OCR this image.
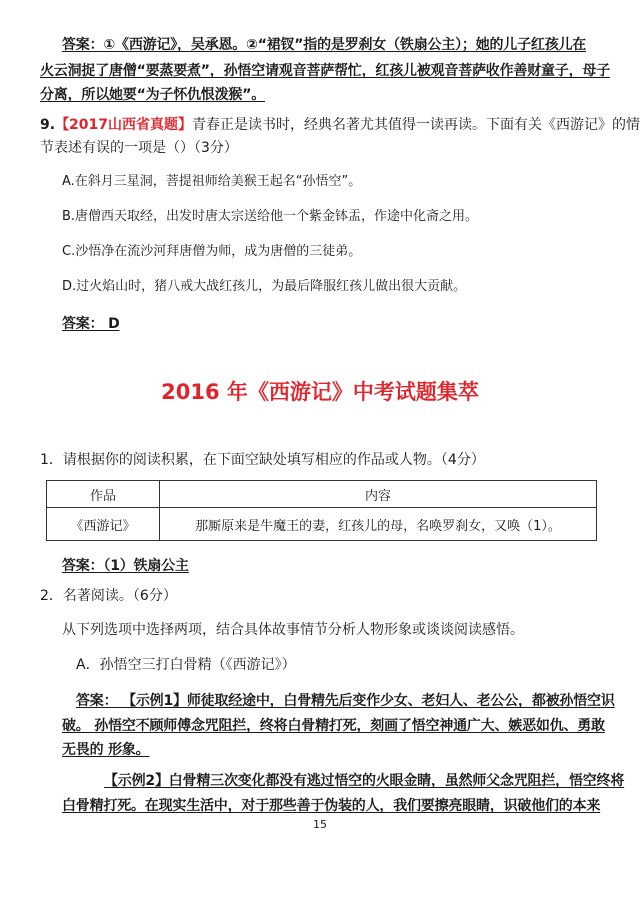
答案：①《西游记》，吴承恩。②“裙钗”指的是罗刹女（铁扇公主）；她的儿子红孩儿在
火云洞捉了唐僧“要蒸要煮”，孙悟空请观音菩萨帮忙，红孩儿被观音菩萨收作善财童子，母子
分离，所以她要“为子怀仇恨泼猴”。
9.【2017山西省真题】青春正是读书时，经典名著尤其值得一读再读。下面有关《西游记》的情
节表述有误的一项是（）（3分）
A.在斜月三星洞，菩提祖师给美猴王起名“孙悟空”。
B.唐僧西天取经，出发时唐太宗送给他一个紫金钵盂，作途中化斋之用。
C.沙悟净在流沙河拜唐僧为师，成为唐僧的三徒弟。
D.过火焰山时，猪八戒大战红孩儿，为最后降服红孩儿做出很大贡献。
答案： D
2016 年《西游记》中考试题集萃
1．请根据你的阅读积累，在下面空缺处填写相应的作品或人物。（4分）
作品	内容
《西游记》	那厮原来是牛魔王的妻，红孩儿的母，名唤罗刹女，又唤（1）。
答案：（1）铁扇公主
2．名著阅读。（6分）
从下列选项中选择两项，结合具体故事情节分析人物形象或谈谈阅读感悟。
A．孙悟空三打白骨精（《西游记》）
答案： 【示例1】师徒取经途中，白骨精先后变作少女、老妇人、老公公，都被孙悟空识
破。 孙悟空不顾师傅念咒阻拦，终将白骨精打死，刻画了悟空神通广大、嫉恶如仇、勇敢
无畏的 形象。
【示例2】白骨精三次变化都没有逃过悟空的火眼金睛，虽然师父念咒阻拦，悟空终将
白骨精打死。在现实生活中，对于那些善于伪装的人，我们要擦亮眼睛，识破他们的本来
15
